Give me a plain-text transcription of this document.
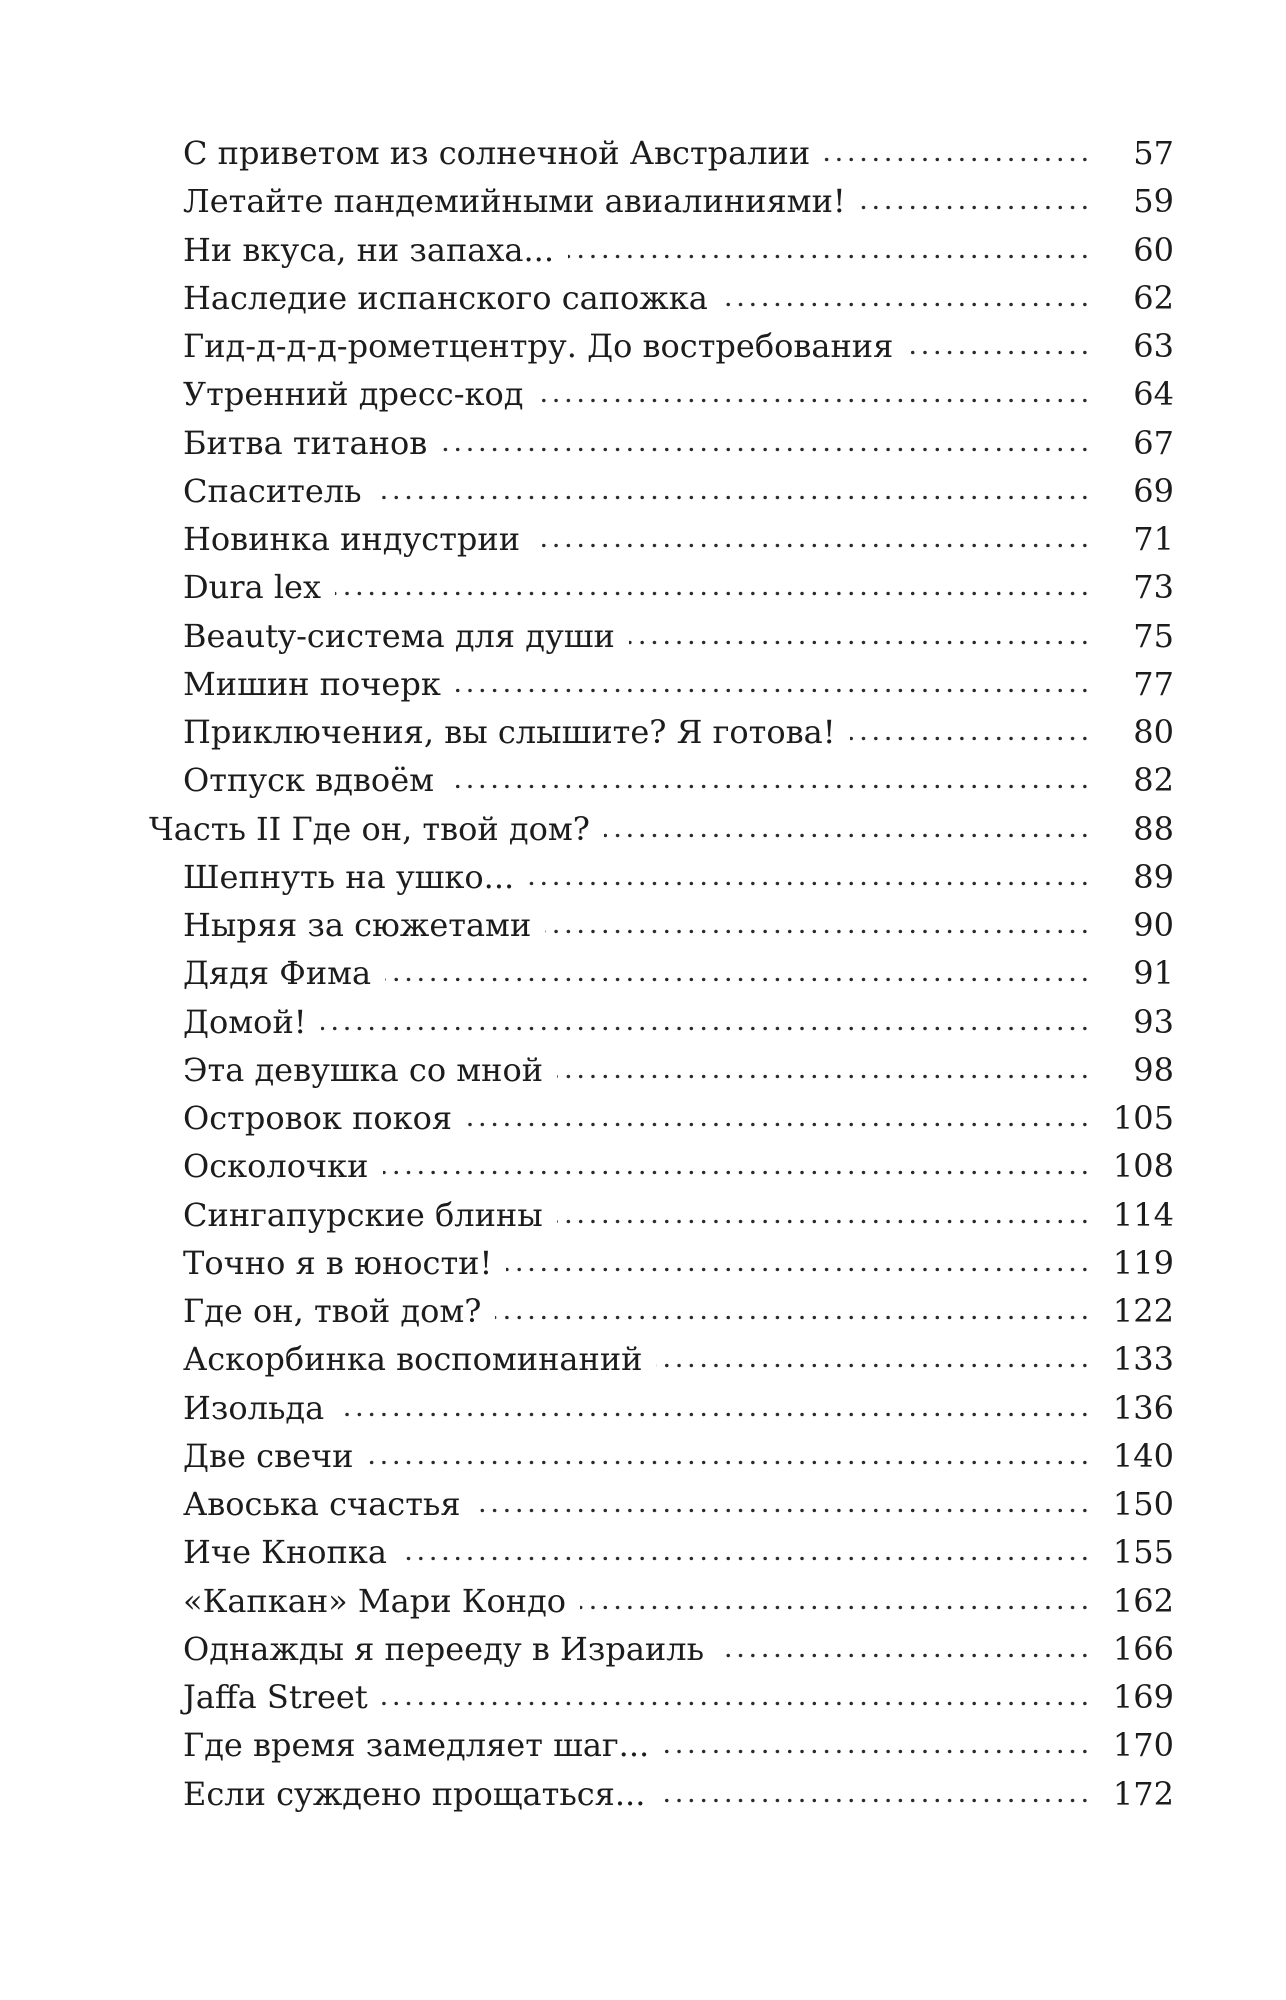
С приветом из солнечной Австралии	57
Летайте пандемийными авиалиниями!	59
Ни вкуса, ни запаха...	60
Наследие испанского сапожка	62
Гид-д-д-д-рометцентру. До востребования	63
Утренний дресс-код	64
Битва титанов	67
Спаситель	69
Новинка индустрии	71
Dura lex	73
Beauty-система для души	75
Мишин почерк	77
Приключения, вы слышите? Я готова!	80
Отпуск вдвоём	82
Часть II Где он, твой дом?	88
Шепнуть на ушко...	89
Ныряя за сюжетами	90
Дядя Фима	91
Домой!	93
Эта девушка со мной	98
Островок покоя	105
Осколочки	108
Сингапурские блины	114
Точно я в юности!	119
Где он, твой дом?	122
Аскорбинка воспоминаний	133
Изольда	136
Две свечи	140
Авоська счастья	150
Иче Кнопка	155
«Капкан» Мари Кондо	162
Однажды я перееду в Израиль	166
Jaffa Street	169
Где время замедляет шаг...	170
Если суждено прощаться...	172
